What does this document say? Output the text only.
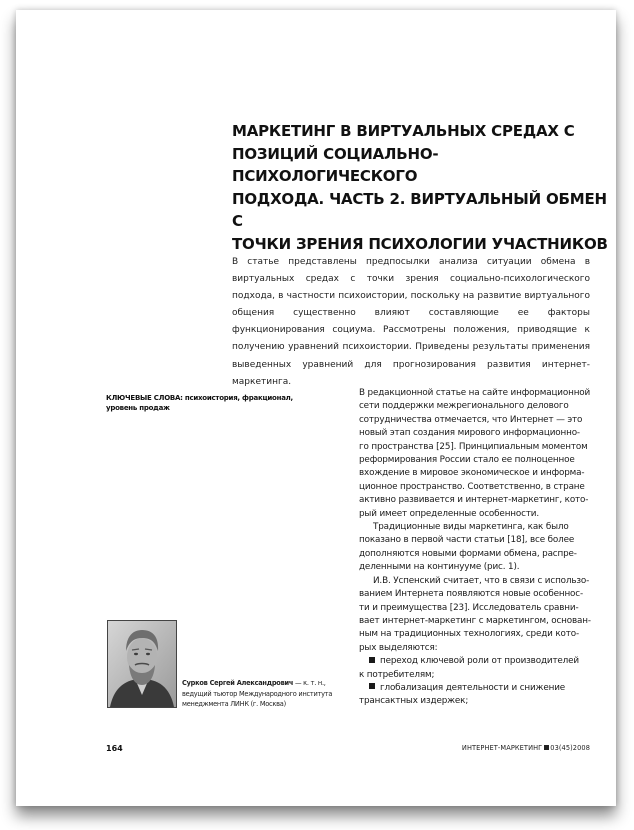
МАРКЕТИНГ В ВИРТУАЛЬНЫХ СРЕДАХ С
ПОЗИЦИЙ СОЦИАЛЬНО-ПСИХОЛОГИЧЕСКОГО
ПОДХОДА. ЧАСТЬ 2. ВИРТУАЛЬНЫЙ ОБМЕН С
ТОЧКИ ЗРЕНИЯ ПСИХОЛОГИИ УЧАСТНИКОВ

В статье представлены предпосылки анализа ситуации обмена в виртуальных средах с точки зрения социально-психологического подхода, в частности психоистории, поскольку на развитие виртуального общения существенно влияют составляющие ее факторы функционирования социума. Рассмотрены положения, приводящие к получению уравнений психоистории. Приведены результаты применения выведенных уравнений для прогнозирования развития интернет-маркетинга.

КЛЮЧЕВЫЕ СЛОВА: психоистория, фракционал, уровень продаж

В редакционной статье на сайте информационной

сети поддержки межрегионального делового

сотрудничества отмечается, что Интернет — это

новый этап создания мирового информационно-

го пространства [25]. Принципиальным моментом

реформирования России стало ее полноценное

вхождение в мировое экономическое и информа-

ционное пространство. Соответственно, в стране

активно развивается и интернет-маркетинг, кото-

рый имеет определенные особенности.

Традиционные виды маркетинга, как было

показано в первой части статьи [18], все более

дополняются новыми формами обмена, распре-

деленными на континууме (рис. 1).

И.В. Успенский считает, что в связи с использо-

ванием Интернета появляются новые особеннос-

ти и преимущества [23]. Исследователь сравни-

вает интернет-маркетинг с маркетингом, основан-

ным на традиционных технологиях, среди кото-

рых выделяются:

переход ключевой роли от производителей

к потребителям;

глобализация деятельности и снижение

трансактных издержек;

Сурков Сергей Александрович — к. т. н., ведущий тьютор Международного института менеджмента ЛИНК (г. Москва)
164	ИНТЕРНЕТ-МАРКЕТИНГ 03(45)2008
